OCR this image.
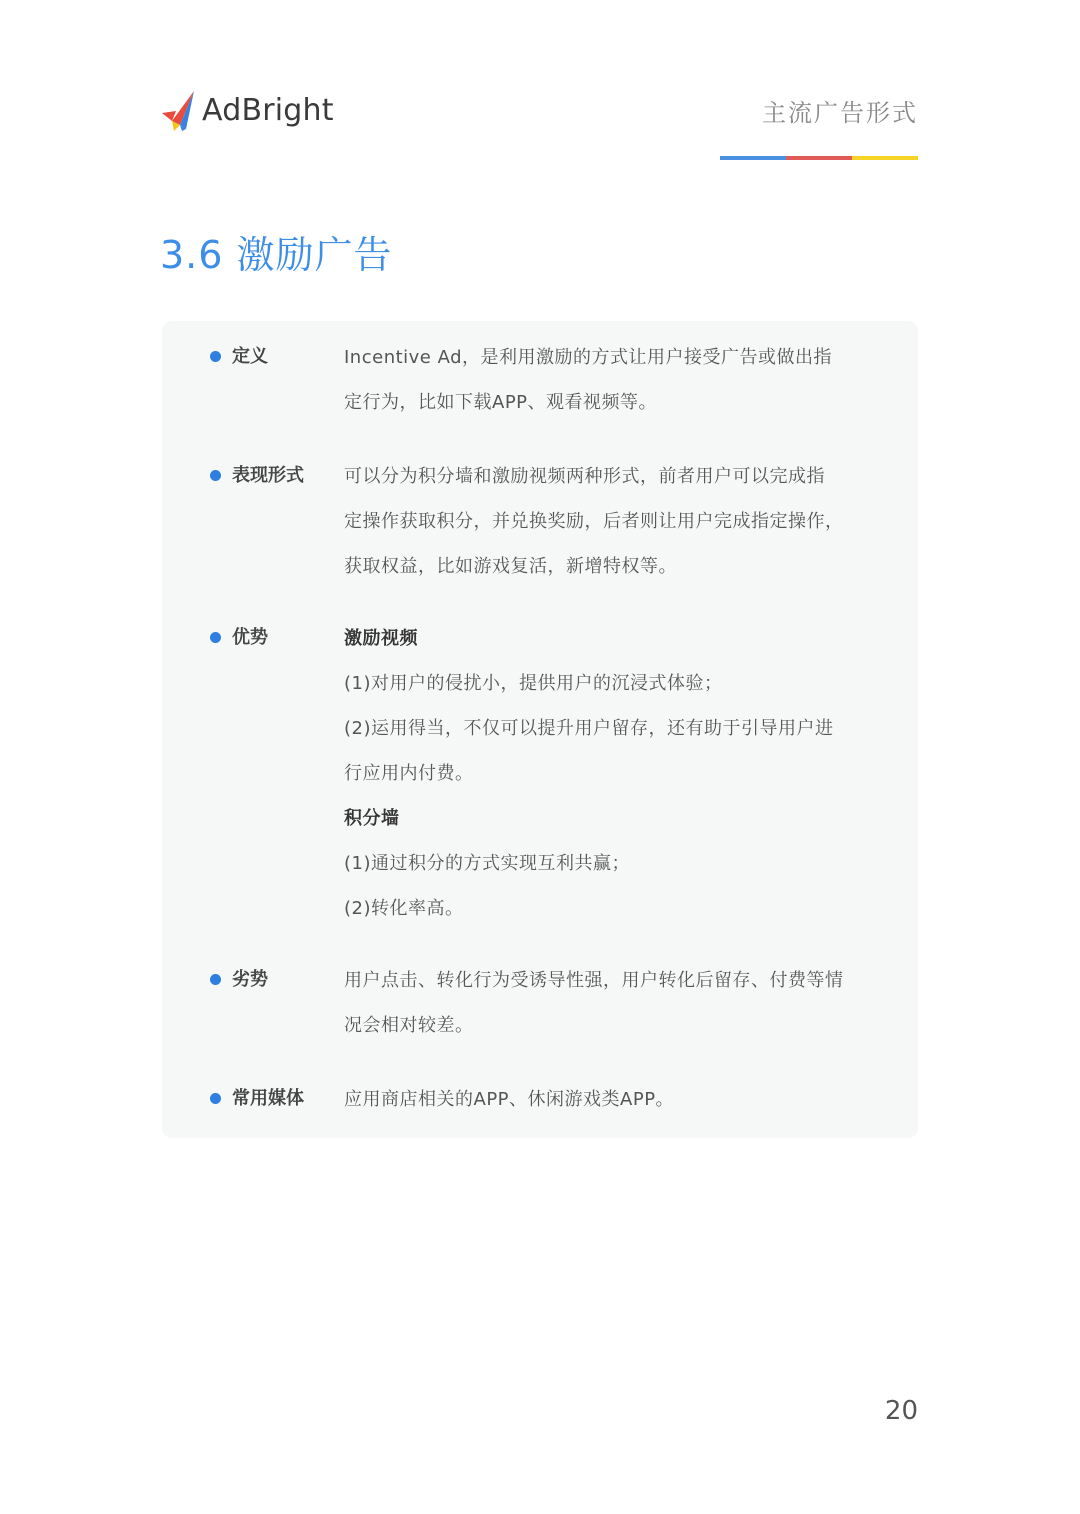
AdBright	主流广告形式
3.6 激励广告
定义	Incentive Ad，是利用激励的方式让用户接受广告或做出指

定行为，比如下载APP、观看视频等。

表现形式 可以分为积分墙和激励视频两种形式，前者用户可以完成指

定操作获取积分，并兑换奖励，后者则让用户完成指定操作，

获取权益，比如游戏复活，新增特权等。

优势	激励视频

(1)对用户的侵扰小，提供用户的沉浸式体验；

(2)运用得当，不仅可以提升用户留存，还有助于引导用户进

行应用内付费。

积分墙

(1)通过积分的方式实现互利共赢；

(2)转化率高。

劣势	用户点击、转化行为受诱导性强，用户转化后留存、付费等情

况会相对较差。

常用媒体 应用商店相关的APP、休闲游戏类APP。

20
